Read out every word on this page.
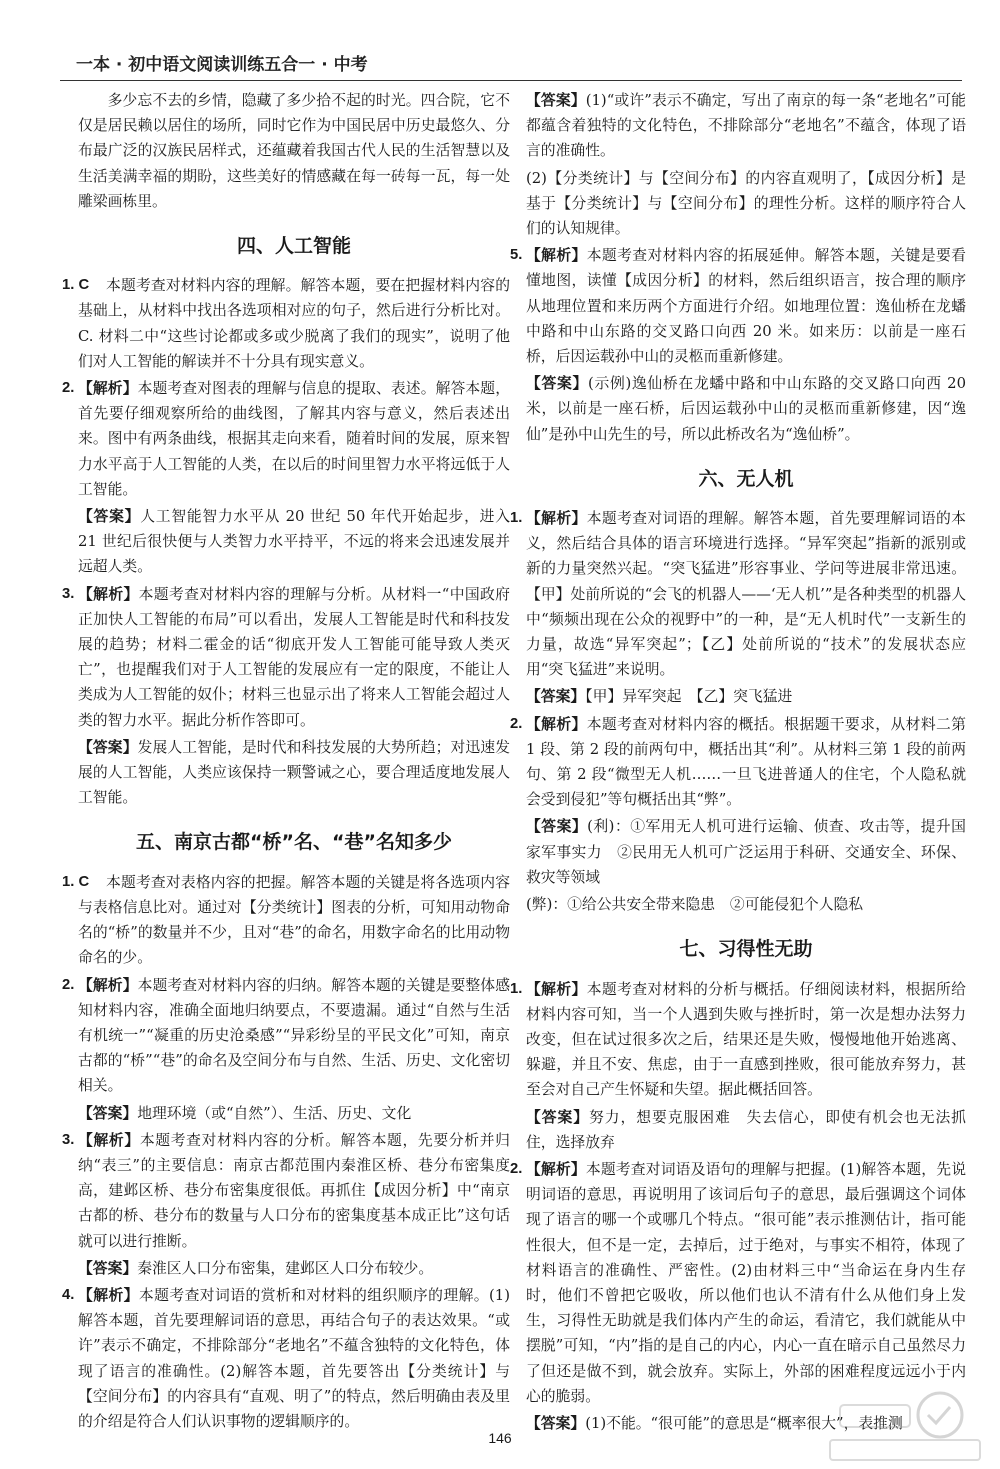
一本 · 初中语文阅读训练五合一 · 中考

多少忘不去的乡情，隐藏了多少拾不起的时光。四合院，它不仅是居民赖以居住的场所，同时它作为中国民居中历史最悠久、分布最广泛的汉族民居样式，还蕴藏着我国古代人民的生活智慧以及生活美满幸福的期盼，这些美好的情感藏在每一砖每一瓦，每一处雕梁画栋里。

四、人工智能
1. C 本题考查对材料内容的理解。解答本题，要在把握材料内容的基础上，从材料中找出各选项相对应的句子，然后进行分析比对。C. 材料二中“这些讨论都或多或少脱离了我们的现实”，说明了他们对人工智能的解读并不十分具有现实意义。
2. 【解析】本题考查对图表的理解与信息的提取、表述。解答本题，首先要仔细观察所给的曲线图，了解其内容与意义，然后表述出来。图中有两条曲线，根据其走向来看，随着时间的发展，原来智力水平高于人工智能的人类，在以后的时间里智力水平将远低于人工智能。
【答案】人工智能智力水平从 20 世纪 50 年代开始起步，进入 21 世纪后很快便与人类智力水平持平，不远的将来会迅速发展并远超人类。
3. 【解析】本题考查对材料内容的理解与分析。从材料一“中国政府正加快人工智能的布局”可以看出，发展人工智能是时代和科技发展的趋势；材料二霍金的话“彻底开发人工智能可能导致人类灭亡”，也提醒我们对于人工智能的发展应有一定的限度，不能让人类成为人工智能的奴仆；材料三也显示出了将来人工智能会超过人类的智力水平。据此分析作答即可。
【答案】发展人工智能，是时代和科技发展的大势所趋；对迅速发展的人工智能，人类应该保持一颗警诫之心，要合理适度地发展人工智能。
五、南京古都“桥”名、“巷”名知多少
1. C 本题考查对表格内容的把握。解答本题的关键是将各选项内容与表格信息比对。通过对【分类统计】图表的分析，可知用动物命名的“桥”的数量并不少，且对“巷”的命名，用数字命名的比用动物命名的少。
2. 【解析】本题考查对材料内容的归纳。解答本题的关键是要整体感知材料内容，准确全面地归纳要点，不要遗漏。通过“自然与生活有机统一”“凝重的历史沧桑感”“异彩纷呈的平民文化”可知，南京古都的“桥”“巷”的命名及空间分布与自然、生活、历史、文化密切相关。
【答案】地理环境（或“自然”）、生活、历史、文化
3. 【解析】本题考查对材料内容的分析。解答本题，先要分析并归纳“表三”的主要信息：南京古都范围内秦淮区桥、巷分布密集度高，建邺区桥、巷分布密集度很低。再抓住【成因分析】中“南京古都的桥、巷分布的数量与人口分布的密集度基本成正比”这句话就可以进行推断。
【答案】秦淮区人口分布密集，建邺区人口分布较少。
4. 【解析】本题考查对词语的赏析和对材料的组织顺序的理解。(1)解答本题，首先要理解词语的意思，再结合句子的表达效果。“或许”表示不确定，不排除部分“老地名”不蕴含独特的文化特色，体现了语言的准确性。(2)解答本题，首先要答出【分类统计】与【空间分布】的内容具有“直观、明了”的特点，然后明确由表及里的介绍是符合人们认识事物的逻辑顺序的。
【答案】(1)“或许”表示不确定，写出了南京的每一条“老地名”可能都蕴含着独特的文化特色，不排除部分“老地名”不蕴含，体现了语言的准确性。
(2)【分类统计】与【空间分布】的内容直观明了，【成因分析】是基于【分类统计】与【空间分布】的理性分析。这样的顺序符合人们的认知规律。
5. 【解析】本题考查对材料内容的拓展延伸。解答本题，关键是要看懂地图，读懂【成因分析】的材料，然后组织语言，按合理的顺序从地理位置和来历两个方面进行介绍。如地理位置：逸仙桥在龙蟠中路和中山东路的交叉路口向西 20 米。如来历：以前是一座石桥，后因运载孙中山的灵柩而重新修建。
【答案】(示例)逸仙桥在龙蟠中路和中山东路的交叉路口向西 20 米，以前是一座石桥，后因运载孙中山的灵柩而重新修建，因“逸仙”是孙中山先生的号，所以此桥改名为“逸仙桥”。
六、无人机
1. 【解析】本题考查对词语的理解。解答本题，首先要理解词语的本义，然后结合具体的语言环境进行选择。“异军突起”指新的派别或新的力量突然兴起。“突飞猛进”形容事业、学问等进展非常迅速。【甲】处前所说的“会飞的机器人——‘无人机’”是各种类型的机器人中“频频出现在公众的视野中”的一种，是“无人机时代”一支新生的力量，故选“异军突起”；【乙】处前所说的“技术”的发展状态应用“突飞猛进”来说明。
【答案】【甲】异军突起　【乙】突飞猛进
2. 【解析】本题考查对材料内容的概括。根据题干要求，从材料二第 1 段、第 2 段的前两句中，概括出其“利”。从材料三第 1 段的前两句、第 2 段“微型无人机……一旦飞进普通人的住宅，个人隐私就会受到侵犯”等句概括出其“弊”。
【答案】(利)：①军用无人机可进行运输、侦查、攻击等，提升国家军事实力　②民用无人机可广泛运用于科研、交通安全、环保、救灾等领域
(弊)：①给公共安全带来隐患　②可能侵犯个人隐私
七、习得性无助
1. 【解析】本题考查对材料的分析与概括。仔细阅读材料，根据所给材料内容可知，当一个人遇到失败与挫折时，第一次是想办法努力改变，但在试过很多次之后，结果还是失败，慢慢地他开始逃离、躲避，并且不安、焦虑，由于一直感到挫败，很可能放弃努力，甚至会对自己产生怀疑和失望。据此概括回答。
【答案】努力，想要克服困难　失去信心，即使有机会也无法抓住，选择放弃
2. 【解析】本题考查对词语及语句的理解与把握。(1)解答本题，先说明词语的意思，再说明用了该词后句子的意思，最后强调这个词体现了语言的哪一个或哪几个特点。“很可能”表示推测估计，指可能性很大，但不是一定，去掉后，过于绝对，与事实不相符，体现了材料语言的准确性、严密性。(2)由材料三中“当命运在身内生存时，他们不曾把它吸收，所以他们也认不清有什么从他们身上发生，习得性无助就是我们体内产生的命运，看清它，我们就能从中摆脱”可知，“内”指的是自己的内心，内心一直在暗示自己虽然尽力了但还是做不到，就会放弃。实际上，外部的困难程度远远小于内心的脆弱。
【答案】(1)不能。“很可能”的意思是“概率很大”，表推测
146
